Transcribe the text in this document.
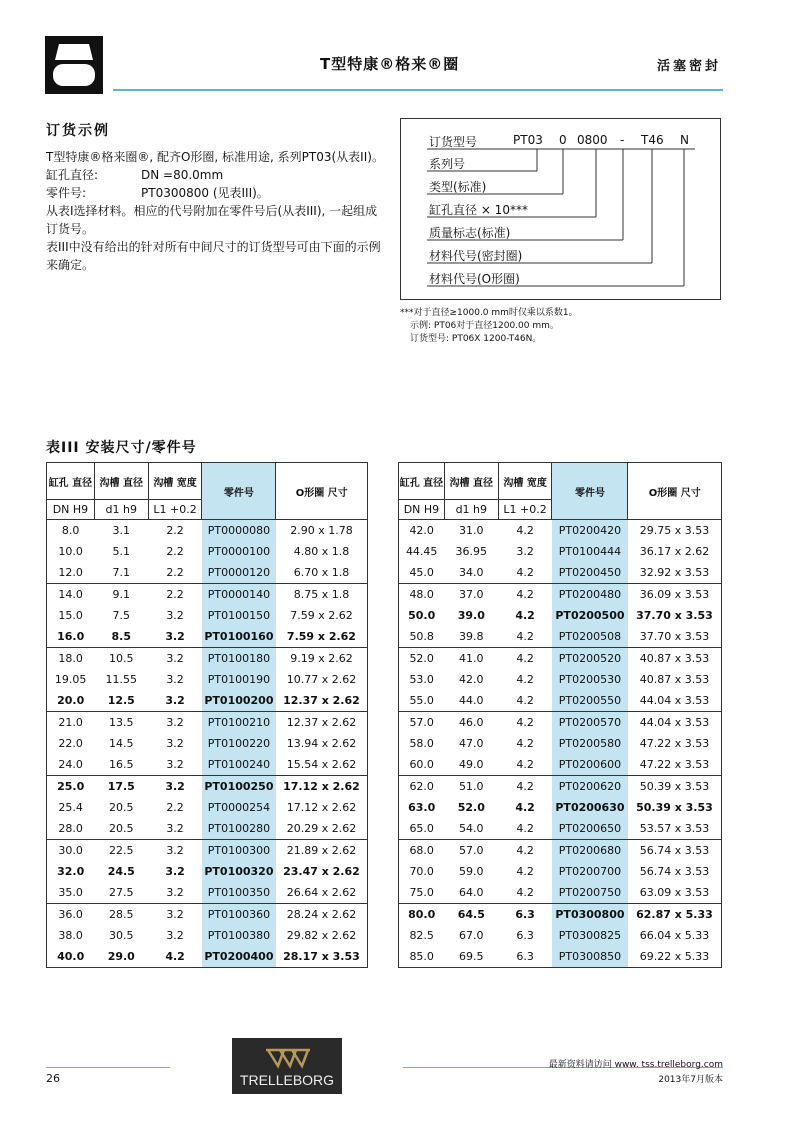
T型特康®格来®圈	活塞密封
订货示例
T型特康®格来圈®, 配齐O形圈, 标准用途, 系列PT03(从表II)。
缸孔直径:	DN =80.0mm
零件号:	PT0300800 (见表III)。
从表I选择材料。相应的代号附加在零件号后(从表III), 一起组成订货号。
表III中没有给出的针对所有中间尺寸的订货型号可由下面的示例来确定。
订货型号	PT03 0 0800 - T46 N
系列号
类型(标准)
缸孔直径 × 10***
质量标志(标准)
材料代号(密封圈)
材料代号(O形圈)
***对于直径≥1000.0 mm时仅乘以系数1。
示例: PT06对于直径1200.00 mm。
订货型号: PT06X 1200-T46N。
表III 安装尺寸/零件号
缸孔 直径	沟槽 直径	沟槽 宽度	零件号	O形圈 尺寸
DN H9	d1 h9	L1 +0.2		
8.0	3.1	2.2	PT0000080	2.90 x 1.78
10.0	5.1	2.2	PT0000100	4.80 x 1.8
12.0	7.1	2.2	PT0000120	6.70 x 1.8
14.0	9.1	2.2	PT0000140	8.75 x 1.8
15.0	7.5	3.2	PT0100150	7.59 x 2.62
16.0	8.5	3.2	PT0100160	7.59 x 2.62
18.0	10.5	3.2	PT0100180	9.19 x 2.62
19.05	11.55	3.2	PT0100190	10.77 x 2.62
20.0	12.5	3.2	PT0100200	12.37 x 2.62
21.0	13.5	3.2	PT0100210	12.37 x 2.62
22.0	14.5	3.2	PT0100220	13.94 x 2.62
24.0	16.5	3.2	PT0100240	15.54 x 2.62
25.0	17.5	3.2	PT0100250	17.12 x 2.62
25.4	20.5	2.2	PT0000254	17.12 x 2.62
28.0	20.5	3.2	PT0100280	20.29 x 2.62
30.0	22.5	3.2	PT0100300	21.89 x 2.62
32.0	24.5	3.2	PT0100320	23.47 x 2.62
35.0	27.5	3.2	PT0100350	26.64 x 2.62
36.0	28.5	3.2	PT0100360	28.24 x 2.62
38.0	30.5	3.2	PT0100380	29.82 x 2.62
40.0	29.0	4.2	PT0200400	28.17 x 3.53
缸孔 直径	沟槽 直径	沟槽 宽度	零件号	O形圈 尺寸
DN H9	d1 h9	L1 +0.2		
42.0	31.0	4.2	PT0200420	29.75 x 3.53
44.45	36.95	3.2	PT0100444	36.17 x 2.62
45.0	34.0	4.2	PT0200450	32.92 x 3.53
48.0	37.0	4.2	PT0200480	36.09 x 3.53
50.0	39.0	4.2	PT0200500	37.70 x 3.53
50.8	39.8	4.2	PT0200508	37.70 x 3.53
52.0	41.0	4.2	PT0200520	40.87 x 3.53
53.0	42.0	4.2	PT0200530	40.87 x 3.53
55.0	44.0	4.2	PT0200550	44.04 x 3.53
57.0	46.0	4.2	PT0200570	44.04 x 3.53
58.0	47.0	4.2	PT0200580	47.22 x 3.53
60.0	49.0	4.2	PT0200600	47.22 x 3.53
62.0	51.0	4.2	PT0200620	50.39 x 3.53
63.0	52.0	4.2	PT0200630	50.39 x 3.53
65.0	54.0	4.2	PT0200650	53.57 x 3.53
68.0	57.0	4.2	PT0200680	56.74 x 3.53
70.0	59.0	4.2	PT0200700	56.74 x 3.53
75.0	64.0	4.2	PT0200750	63.09 x 3.53
80.0	64.5	6.3	PT0300800	62.87 x 5.33
82.5	67.0	6.3	PT0300825	66.04 x 5.33
85.0	69.5	6.3	PT0300850	69.22 x 5.33
26	TRELLEBORG
最新资料请访问 www. tss.trelleborg.com
2013年7月版本
